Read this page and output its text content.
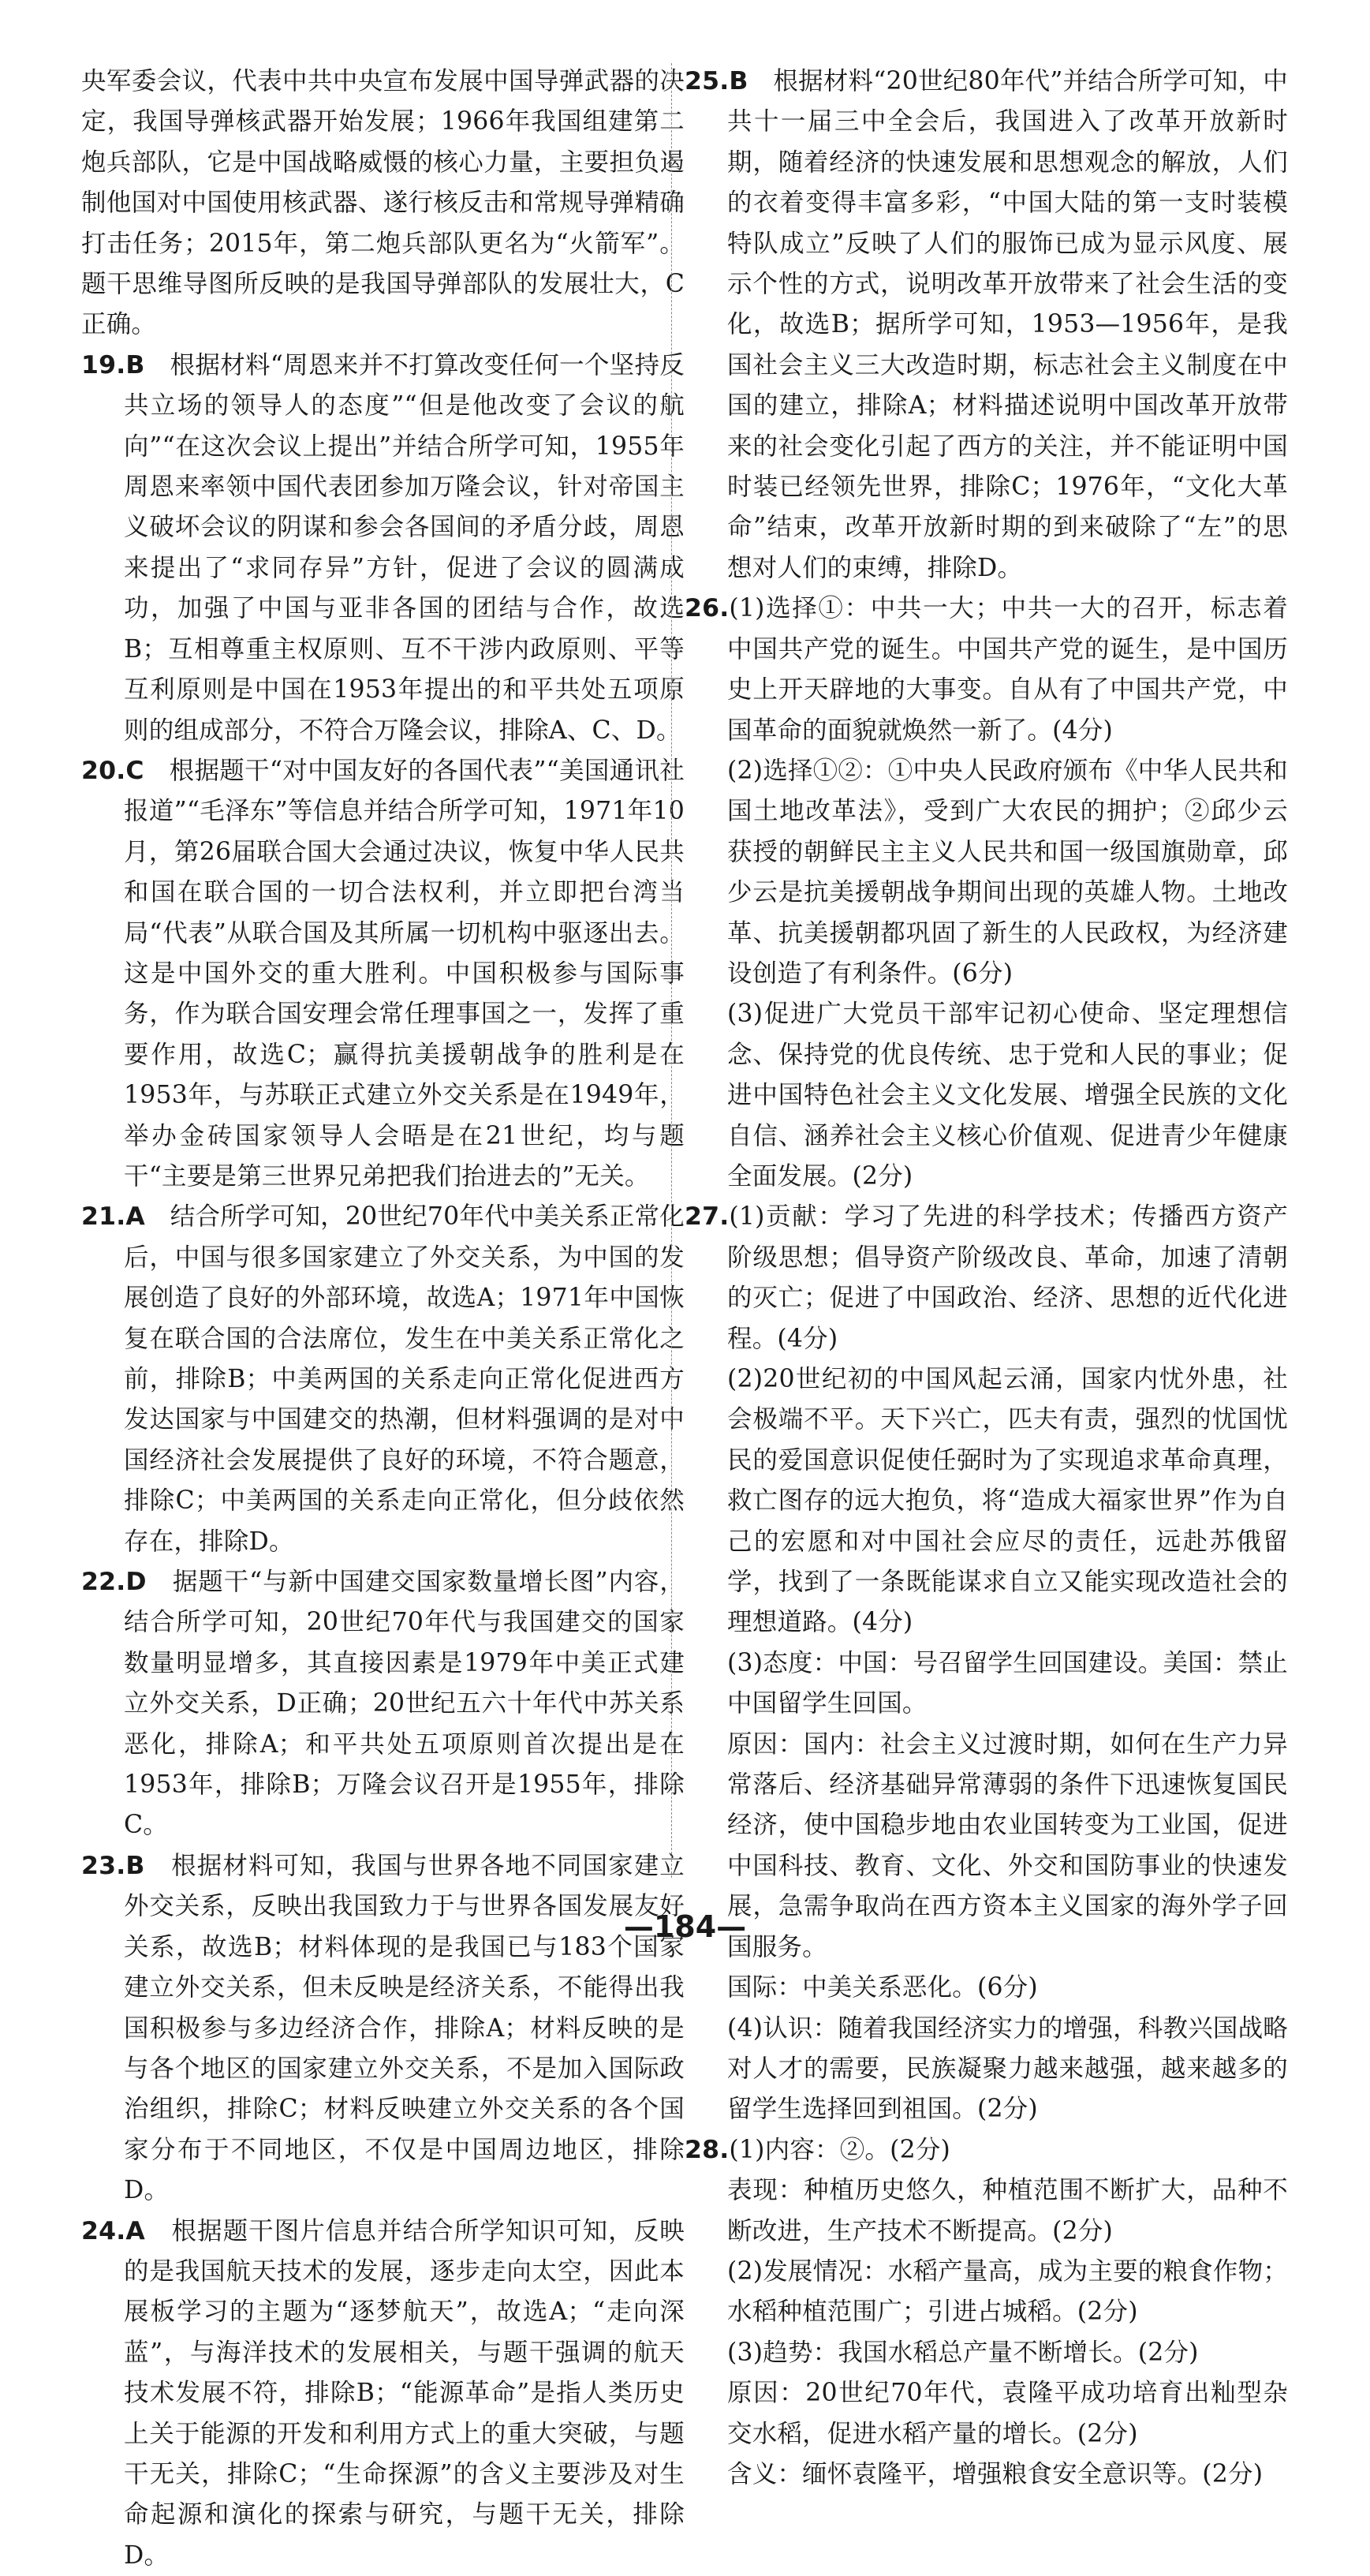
央军委会议，代表中共中央宣布发展中国导弹武器的决定，我国导弹核武器开始发展；1966年我国组建第二炮兵部队，它是中国战略威慑的核心力量，主要担负遏制他国对中国使用核武器、遂行核反击和常规导弹精确打击任务；2015年，第二炮兵部队更名为“火箭军”。题干思维导图所反映的是我国导弹部队的发展壮大，C正确。

19.B　 根据材料“周恩来并不打算改变任何一个坚持反共立场的领导人的态度”“但是他改变了会议的航向”“在这次会议上提出”并结合所学可知，1955年周恩来率领中国代表团参加万隆会议，针对帝国主义破坏会议的阴谋和参会各国间的矛盾分歧，周恩来提出了“求同存异”方针，促进了会议的圆满成功，加强了中国与亚非各国的团结与合作，故选B；互相尊重主权原则、互不干涉内政原则、平等互利原则是中国在1953年提出的和平共处五项原则的组成部分，不符合万隆会议，排除A、C、D。
20.C　 根据题干“对中国友好的各国代表”“美国通讯社报道”“毛泽东”等信息并结合所学可知，1971年10月，第26届联合国大会通过决议，恢复中华人民共和国在联合国的一切合法权利，并立即把台湾当局“代表”从联合国及其所属一切机构中驱逐出去。这是中国外交的重大胜利。中国积极参与国际事务，作为联合国安理会常任理事国之一，发挥了重要作用，故选C；赢得抗美援朝战争的胜利是在1953年，与苏联正式建立外交关系是在1949年，举办金砖国家领导人会晤是在21世纪，均与题干“主要是第三世界兄弟把我们抬进去的”无关。
21.A　 结合所学可知，20世纪70年代中美关系正常化后，中国与很多国家建立了外交关系，为中国的发展创造了良好的外部环境，故选A；1971年中国恢复在联合国的合法席位，发生在中美关系正常化之前，排除B；中美两国的关系走向正常化促进西方发达国家与中国建交的热潮，但材料强调的是对中国经济社会发展提供了良好的环境，不符合题意，排除C；中美两国的关系走向正常化，但分歧依然存在，排除D。
22.D　 据题干“与新中国建交国家数量增长图”内容，结合所学可知，20世纪70年代与我国建交的国家数量明显增多，其直接因素是1979年中美正式建立外交关系，D正确；20世纪五六十年代中苏关系恶化，排除A；和平共处五项原则首次提出是在1953年，排除B；万隆会议召开是1955年，排除C。
23.B　 根据材料可知，我国与世界各地不同国家建立外交关系，反映出我国致力于与世界各国发展友好关系，故选B；材料体现的是我国已与183个国家建立外交关系，但未反映是经济关系，不能得出我国积极参与多边经济合作，排除A；材料反映的是与各个地区的国家建立外交关系，不是加入国际政治组织，排除C；材料反映建立外交关系的各个国家分布于不同地区，不仅是中国周边地区，排除D。
24.A　 根据题干图片信息并结合所学知识可知，反映的是我国航天技术的发展，逐步走向太空，因此本展板学习的主题为“逐梦航天”，故选A；“走向深蓝”，与海洋技术的发展相关，与题干强调的航天技术发展不符，排除B；“能源革命”是指人类历史上关于能源的开发和利用方式上的重大突破，与题干无关，排除C；“生命探源”的含义主要涉及对生命起源和演化的探索与研究，与题干无关，排除D。
25.B　 根据材料“20世纪80年代”并结合所学可知，中共十一届三中全会后，我国进入了改革开放新时期，随着经济的快速发展和思想观念的解放，人们的衣着变得丰富多彩，“中国大陆的第一支时装模特队成立”反映了人们的服饰已成为显示风度、展示个性的方式，说明改革开放带来了社会生活的变化，故选B；据所学可知，1953—1956年，是我国社会主义三大改造时期，标志社会主义制度在中国的建立，排除A；材料描述说明中国改革开放带来的社会变化引起了西方的关注，并不能证明中国时装已经领先世界，排除C；1976年，“文化大革命”结束，改革开放新时期的到来破除了“左”的思想对人们的束缚，排除D。
26.(1)选择①：中共一大；中共一大的召开，标志着中国共产党的诞生。中国共产党的诞生，是中国历史上开天辟地的大事变。自从有了中国共产党，中国革命的面貌就焕然一新了。(4分)
(2)选择①②：①中央人民政府颁布《中华人民共和国土地改革法》，受到广大农民的拥护；②邱少云获授的朝鲜民主主义人民共和国一级国旗勋章，邱少云是抗美援朝战争期间出现的英雄人物。土地改革、抗美援朝都巩固了新生的人民政权，为经济建设创造了有利条件。(6分)
(3)促进广大党员干部牢记初心使命、坚定理想信念、保持党的优良传统、忠于党和人民的事业；促进中国特色社会主义文化发展、增强全民族的文化自信、涵养社会主义核心价值观、促进青少年健康全面发展。(2分)
27.(1)贡献：学习了先进的科学技术；传播西方资产阶级思想；倡导资产阶级改良、革命，加速了清朝的灭亡；促进了中国政治、经济、思想的近代化进程。(4分)
(2)20世纪初的中国风起云涌，国家内忧外患，社会极端不平。天下兴亡，匹夫有责，强烈的忧国忧民的爱国意识促使任弼时为了实现追求革命真理，救亡图存的远大抱负，将“造成大福家世界”作为自己的宏愿和对中国社会应尽的责任，远赴苏俄留学，找到了一条既能谋求自立又能实现改造社会的理想道路。(4分)
(3)态度：中国：号召留学生回国建设。美国：禁止中国留学生回国。
原因：国内：社会主义过渡时期，如何在生产力异常落后、经济基础异常薄弱的条件下迅速恢复国民经济，使中国稳步地由农业国转变为工业国，促进中国科技、教育、文化、外交和国防事业的快速发展，急需争取尚在西方资本主义国家的海外学子回国服务。
国际：中美关系恶化。(6分)
(4)认识：随着我国经济实力的增强，科教兴国战略对人才的需要，民族凝聚力越来越强，越来越多的留学生选择回到祖国。(2分)
28.(1)内容：②。(2分)
表现：种植历史悠久，种植范围不断扩大，品种不断改进，生产技术不断提高。(2分)
(2)发展情况：水稻产量高，成为主要的粮食作物；水稻种植范围广；引进占城稻。(2分)
(3)趋势：我国水稻总产量不断增长。(2分)
原因：20世纪70年代，袁隆平成功培育出籼型杂交水稻，促进水稻产量的增长。(2分)
含义：缅怀袁隆平，增强粮食安全意识等。(2分)
—184—
